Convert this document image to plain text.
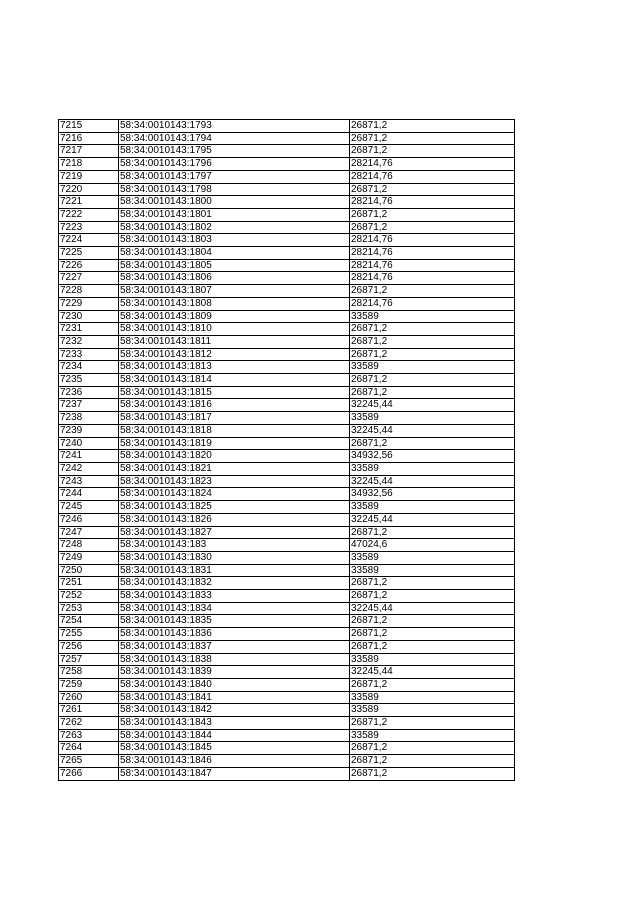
7215	58:34:0010143:1793	26871,2
7216	58:34:0010143:1794	26871,2
7217	58:34:0010143:1795	26871,2
7218	58:34:0010143:1796	28214,76
7219	58:34:0010143:1797	28214,76
7220	58:34:0010143:1798	26871,2
7221	58:34:0010143:1800	28214,76
7222	58:34:0010143:1801	26871,2
7223	58:34:0010143:1802	26871,2
7224	58:34:0010143:1803	28214,76
7225	58:34:0010143:1804	28214,76
7226	58:34:0010143:1805	28214,76
7227	58:34:0010143:1806	28214,76
7228	58:34:0010143:1807	26871,2
7229	58:34:0010143:1808	28214,76
7230	58:34:0010143:1809	33589
7231	58:34:0010143:1810	26871,2
7232	58:34:0010143:1811	26871,2
7233	58:34:0010143:1812	26871,2
7234	58:34:0010143:1813	33589
7235	58:34:0010143:1814	26871,2
7236	58:34:0010143:1815	26871,2
7237	58:34:0010143:1816	32245,44
7238	58:34:0010143:1817	33589
7239	58:34:0010143:1818	32245,44
7240	58:34:0010143:1819	26871,2
7241	58:34:0010143:1820	34932,56
7242	58:34:0010143:1821	33589
7243	58:34:0010143:1823	32245,44
7244	58:34:0010143:1824	34932,56
7245	58:34:0010143:1825	33589
7246	58:34:0010143:1826	32245,44
7247	58:34:0010143:1827	26871,2
7248	58:34:0010143:183	47024,6
7249	58:34:0010143:1830	33589
7250	58:34:0010143:1831	33589
7251	58:34:0010143:1832	26871,2
7252	58:34:0010143:1833	26871,2
7253	58:34:0010143:1834	32245,44
7254	58:34:0010143:1835	26871,2
7255	58:34:0010143:1836	26871,2
7256	58:34:0010143:1837	26871,2
7257	58:34:0010143:1838	33589
7258	58:34:0010143:1839	32245,44
7259	58:34:0010143:1840	26871,2
7260	58:34:0010143:1841	33589
7261	58:34:0010143:1842	33589
7262	58:34:0010143:1843	26871,2
7263	58:34:0010143:1844	33589
7264	58:34:0010143:1845	26871,2
7265	58:34:0010143:1846	26871,2
7266	58:34:0010143:1847	26871,2
